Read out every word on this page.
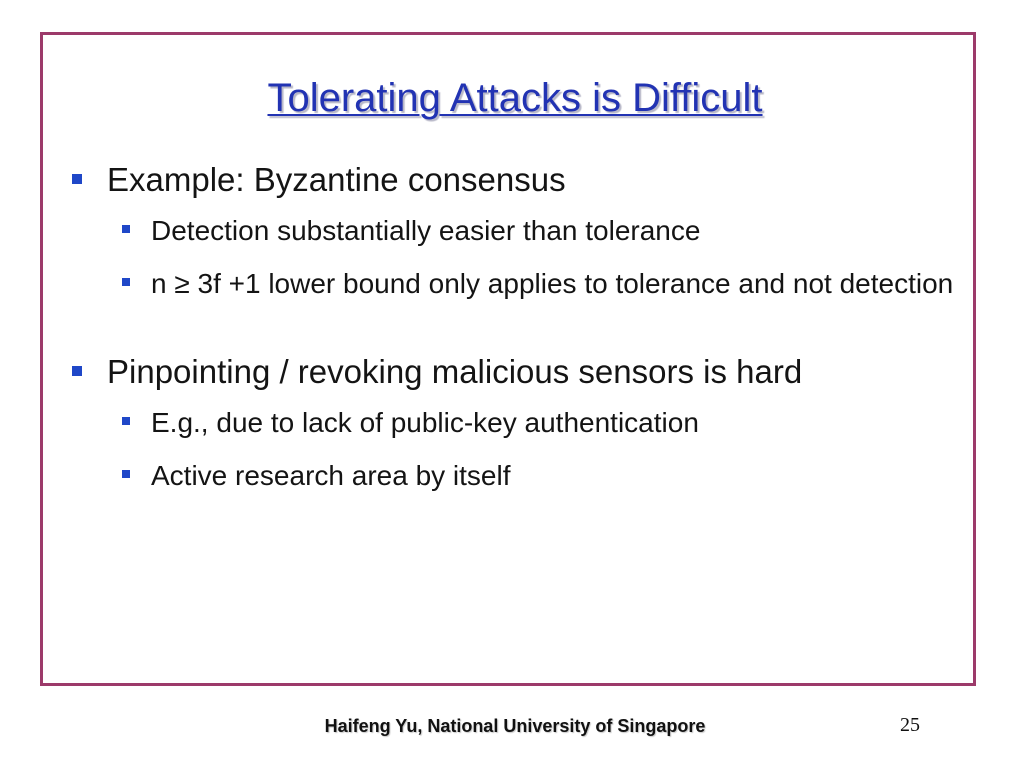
Tolerating Attacks is Difficult
Example: Byzantine consensus
Detection substantially easier than tolerance
n ≥ 3f +1 lower bound only applies to tolerance and not detection
Pinpointing / revoking malicious sensors is hard
E.g., due to lack of public-key authentication
Active research area by itself
Haifeng Yu, National University of Singapore	25
